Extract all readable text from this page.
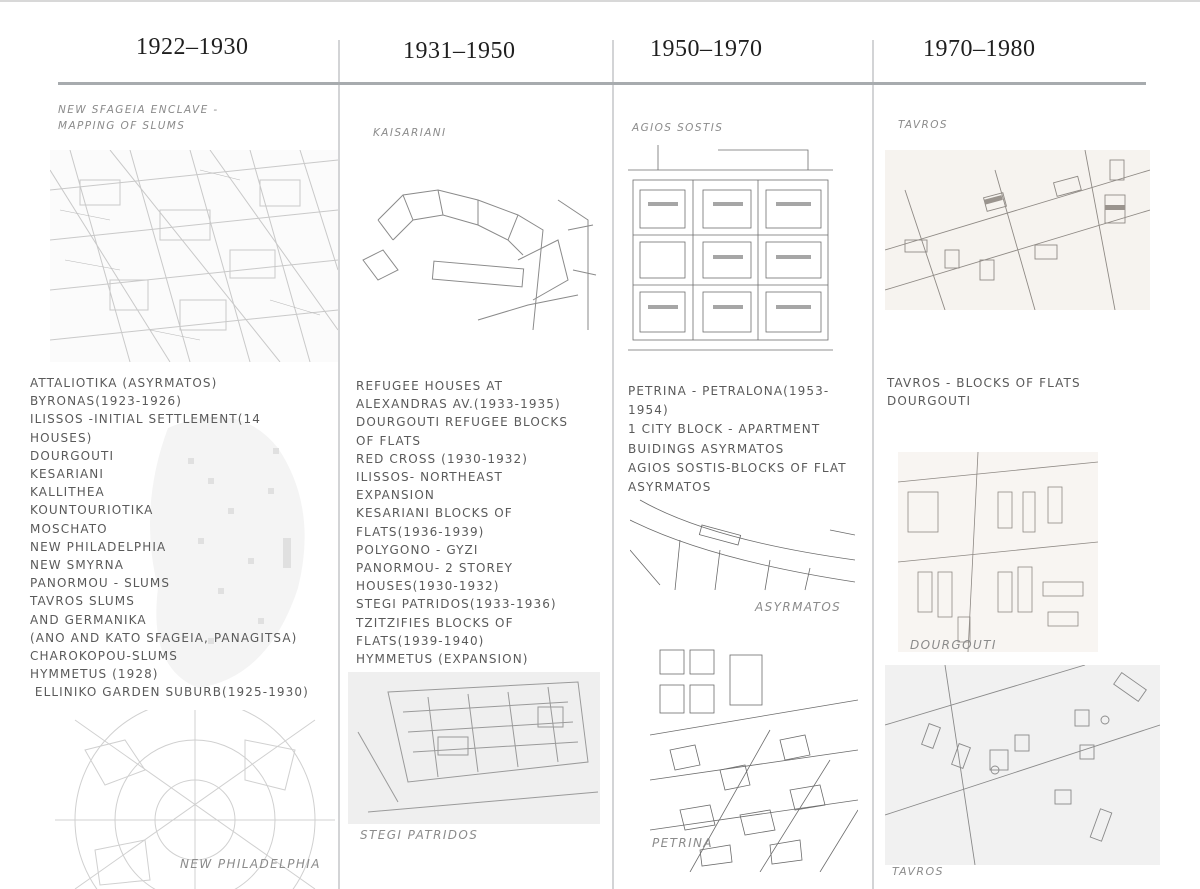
1922–1930	1931–1950	1950–1970	1970–1980
NEW SFAGEIA ENCLAVE -
MAPPING OF SLUMS
ATTALIOTIKA (ASYRMATOS)
BYRONAS(1923-1926)
ILISSOS -INITIAL SETTLEMENT(14
HOUSES)
DOURGOUTI
KESARIANI
KALLITHEA
KOUNTOURIOTIKA
MOSCHATO
NEW PHILADELPHIA
NEW SMYRNA
PANORMOU - SLUMS
TAVROS SLUMS
AND GERMANIKA
(ANO AND KATO SFAGEIA, PANAGITSA)
CHAROKOPOU-SLUMS
HYMMETUS (1928)
ELLINIKO GARDEN SUBURB(1925-1930)
NEW PHILADELPHIA
KAISARIANI
REFUGEE HOUSES AT
ALEXANDRAS AV.(1933-1935)
DOURGOUTI REFUGEE BLOCKS
OF FLATS
RED CROSS (1930-1932)
ILISSOS- NORTHEAST
EXPANSION
KESARIANI BLOCKS OF
FLATS(1936-1939)
POLYGONO - GYZI
PANORMOU- 2 STOREY
HOUSES(1930-1932)
STEGI PATRIDOS(1933-1936)
TZITZIFIES BLOCKS OF
FLATS(1939-1940)
HYMMETUS (EXPANSION)
STEGI PATRIDOS
AGIOS SOSTIS
PETRINA - PETRALONA(1953-
1954)
1 CITY BLOCK - APARTMENT
BUIDINGS ASYRMATOS
AGIOS SOSTIS-BLOCKS OF FLAT
ASYRMATOS
ASYRMATOS
PETRINA
TAVROS
TAVROS - BLOCKS OF FLATS
DOURGOUTI
DOURGOUTI
TAVROS
